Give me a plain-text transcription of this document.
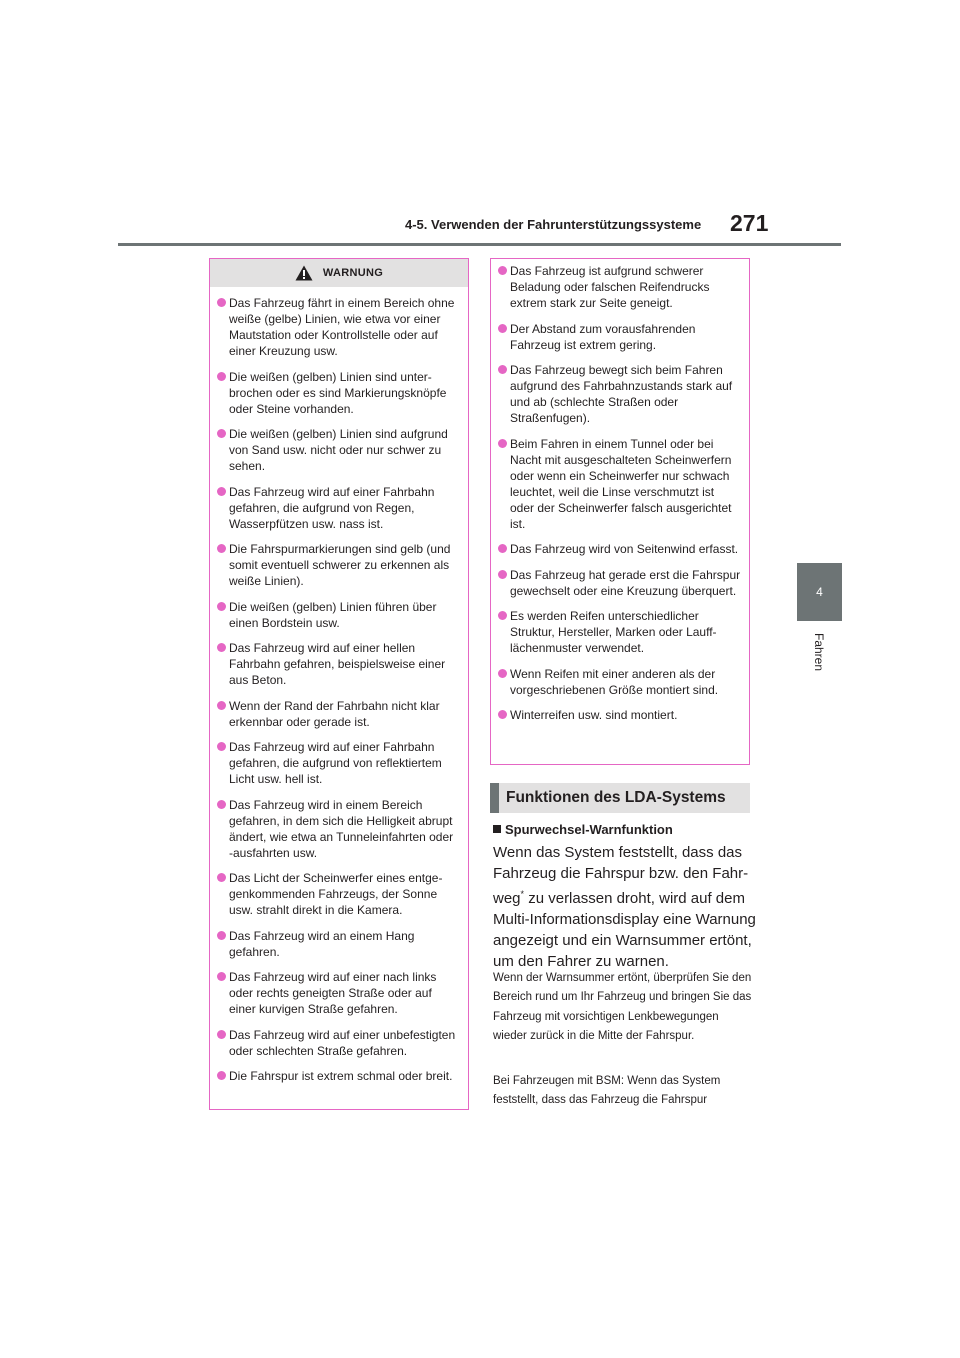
4-5. Verwenden der Fahrunterstützungssysteme 271
4
Fahren
WARNUNG
Das Fahrzeug fährt in einem Bereich ohne weiße (gelbe) Linien, wie etwa vor einer Mautstation oder Kontrollstelle oder auf einer Kreuzung usw.
Die weißen (gelben) Linien sind unterbrochen oder es sind Markierungsknöpfe oder Steine vorhanden.
Die weißen (gelben) Linien sind aufgrund von Sand usw. nicht oder nur schwer zu sehen.
Das Fahrzeug wird auf einer Fahrbahn gefahren, die aufgrund von Regen, Wasserpfützen usw. nass ist.
Die Fahrspurmarkierungen sind gelb (und somit eventuell schwerer zu erkennen als weiße Linien).
Die weißen (gelben) Linien führen über einen Bordstein usw.
Das Fahrzeug wird auf einer hellen Fahrbahn gefahren, beispielsweise einer aus Beton.
Wenn der Rand der Fahrbahn nicht klar erkennbar oder gerade ist.
Das Fahrzeug wird auf einer Fahrbahn gefahren, die aufgrund von reflektiertem Licht usw. hell ist.
Das Fahrzeug wird in einem Bereich gefahren, in dem sich die Helligkeit abrupt ändert, wie etwa an Tunneleinfahrten oder -ausfahrten usw.
Das Licht der Scheinwerfer eines entgegenkommenden Fahrzeugs, der Sonne usw. strahlt direkt in die Kamera.
Das Fahrzeug wird an einem Hang gefahren.
Das Fahrzeug wird auf einer nach links oder rechts geneigten Straße oder auf einer kurvigen Straße gefahren.
Das Fahrzeug wird auf einer unbefestigten oder schlechten Straße gefahren.
Die Fahrspur ist extrem schmal oder breit.
Das Fahrzeug ist aufgrund schwerer Beladung oder falschen Reifendrucks extrem stark zur Seite geneigt.
Der Abstand zum vorausfahrenden Fahrzeug ist extrem gering.
Das Fahrzeug bewegt sich beim Fahren aufgrund des Fahrbahnzustands stark auf und ab (schlechte Straßen oder Straßenfugen).
Beim Fahren in einem Tunnel oder bei Nacht mit ausgeschalteten Scheinwerfern oder wenn ein Scheinwerfer nur schwach leuchtet, weil die Linse verschmutzt ist oder der Scheinwerfer falsch ausgerichtet ist.
Das Fahrzeug wird von Seitenwind erfasst.
Das Fahrzeug hat gerade erst die Fahrspur gewechselt oder eine Kreuzung überquert.
Es werden Reifen unterschiedlicher Struktur, Hersteller, Marken oder Laufflächenmuster verwendet.
Wenn Reifen mit einer anderen als der vorgeschriebenen Größe montiert sind.
Winterreifen usw. sind montiert.
Funktionen des LDA-Systems
Spurwechsel-Warnfunktion
Wenn das System feststellt, dass das Fahrzeug die Fahrspur bzw. den Fahrweg* zu verlassen droht, wird auf dem Multi-Informationsdisplay eine Warnung angezeigt und ein Warnsummer ertönt, um den Fahrer zu warnen.
Wenn der Warnsummer ertönt, überprüfen Sie den Bereich rund um Ihr Fahrzeug und bringen Sie das Fahrzeug mit vorsichtigen Lenkbewegungen wieder zurück in die Mitte der Fahrspur.
Bei Fahrzeugen mit BSM: Wenn das System feststellt, dass das Fahrzeug die Fahrspur
